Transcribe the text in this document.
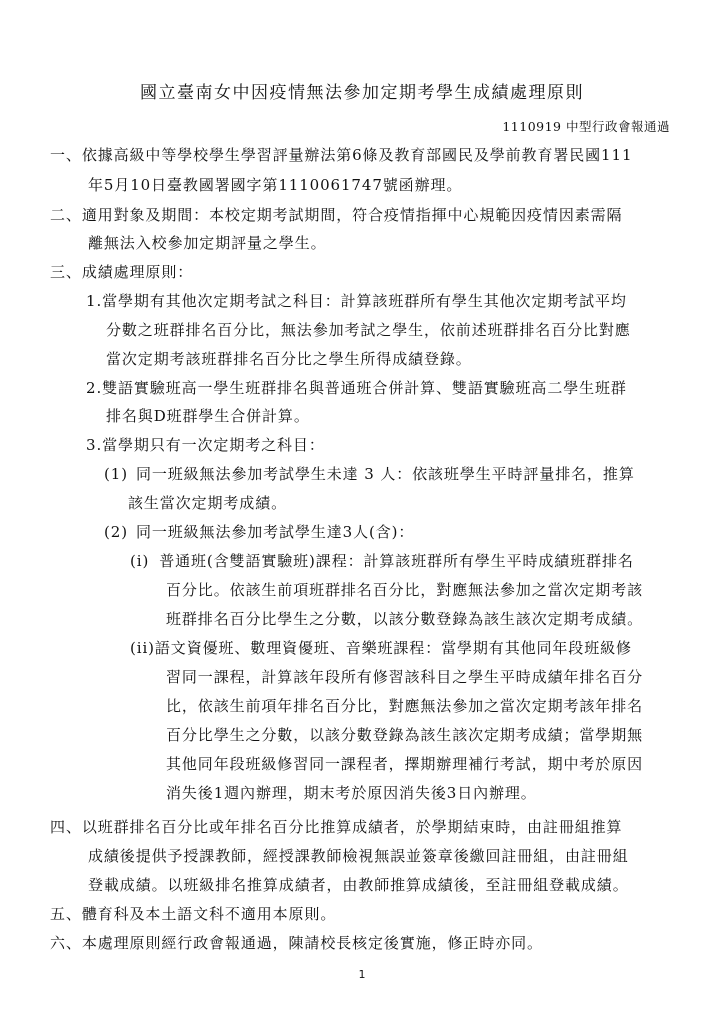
國立臺南女中因疫情無法參加定期考學生成績處理原則
1110919 中型行政會報通過
一、依據高級中等學校學生學習評量辦法第6條及教育部國民及學前教育署民國111
年5月10日臺教國署國字第1110061747號函辦理。
二、適用對象及期間：本校定期考試期間，符合疫情指揮中心規範因疫情因素需隔
離無法入校參加定期評量之學生。
三、成績處理原則：
1.當學期有其他次定期考試之科目：計算該班群所有學生其他次定期考試平均
分數之班群排名百分比，無法參加考試之學生，依前述班群排名百分比對應
當次定期考該班群排名百分比之學生所得成績登錄。
2.雙語實驗班高一學生班群排名與普通班合併計算、雙語實驗班高二學生班群
排名與D班群學生合併計算。
3.當學期只有一次定期考之科目：
(1) 同一班級無法參加考試學生未達 3 人：依該班學生平時評量排名，推算
該生當次定期考成績。
(2) 同一班級無法參加考試學生達3人(含)：
(i) 普通班(含雙語實驗班)課程：計算該班群所有學生平時成績班群排名
百分比。依該生前項班群排名百分比，對應無法參加之當次定期考該
班群排名百分比學生之分數，以該分數登錄為該生該次定期考成績。
(ii)語文資優班、數理資優班、音樂班課程：當學期有其他同年段班級修
習同一課程，計算該年段所有修習該科目之學生平時成績年排名百分
比，依該生前項年排名百分比，對應無法參加之當次定期考該年排名
百分比學生之分數，以該分數登錄為該生該次定期考成績；當學期無
其他同年段班級修習同一課程者，擇期辦理補行考試，期中考於原因
消失後1週內辦理，期末考於原因消失後3日內辦理。
四、以班群排名百分比或年排名百分比推算成績者，於學期結束時，由註冊組推算
成績後提供予授課教師，經授課教師檢視無誤並簽章後繳回註冊組，由註冊組
登載成績。以班級排名推算成績者，由教師推算成績後，至註冊組登載成績。
五、體育科及本土語文科不適用本原則。
六、本處理原則經行政會報通過，陳請校長核定後實施，修正時亦同。
1
